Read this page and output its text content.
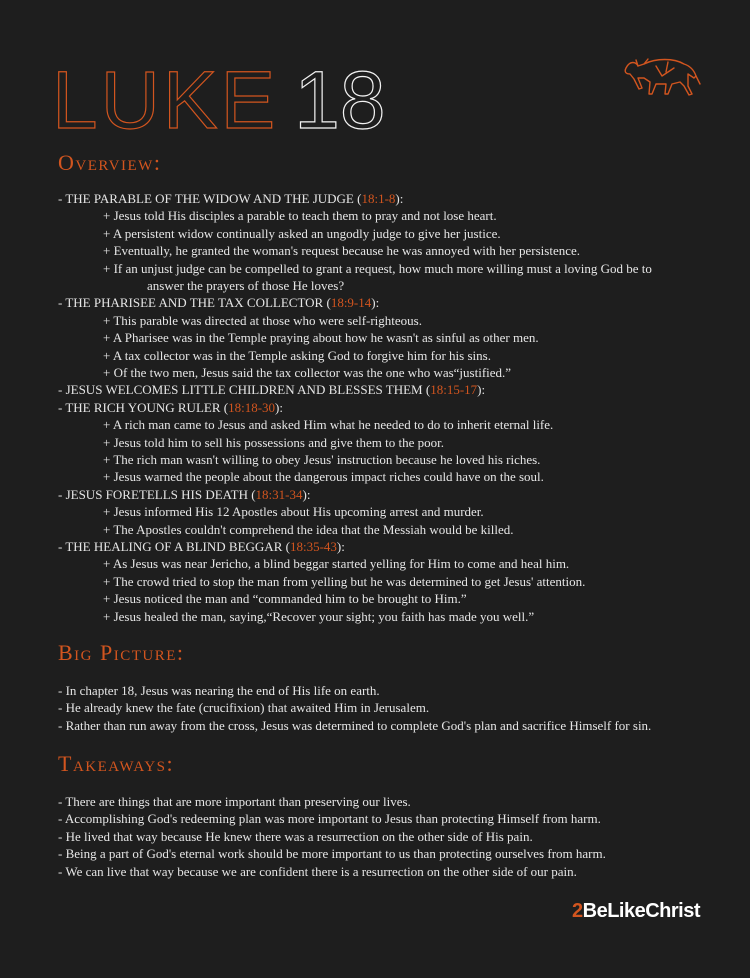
LUKE 18
Overview:
- THE PARABLE OF THE WIDOW AND THE JUDGE (18:1-8):
+ Jesus told His disciples a parable to teach them to pray and not lose heart.
+ A persistent widow continually asked an ungodly judge to give her justice.
+ Eventually, he granted the woman's request because he was annoyed with her persistence.
+ If an unjust judge can be compelled to grant a request, how much more willing must a loving God be to
answer the prayers of those He loves?
- THE PHARISEE AND THE TAX COLLECTOR (18:9-14):
+ This parable was directed at those who were self-righteous.
+ A Pharisee was in the Temple praying about how he wasn't as sinful as other men.
+ A tax collector was in the Temple asking God to forgive him for his sins.
+ Of the two men, Jesus said the tax collector was the one who was“justified.”
- JESUS WELCOMES LITTLE CHILDREN AND BLESSES THEM (18:15-17):
- THE RICH YOUNG RULER (18:18-30):
+ A rich man came to Jesus and asked Him what he needed to do to inherit eternal life.
+ Jesus told him to sell his possessions and give them to the poor.
+ The rich man wasn't willing to obey Jesus' instruction because he loved his riches.
+ Jesus warned the people about the dangerous impact riches could have on the soul.
- JESUS FORETELLS HIS DEATH (18:31-34):
+ Jesus informed His 12 Apostles about His upcoming arrest and murder.
+ The Apostles couldn't comprehend the idea that the Messiah would be killed.
- THE HEALING OF A BLIND BEGGAR (18:35-43):
+ As Jesus was near Jericho, a blind beggar started yelling for Him to come and heal him.
+ The crowd tried to stop the man from yelling but he was determined to get Jesus' attention.
+ Jesus noticed the man and “commanded him to be brought to Him.”
+ Jesus healed the man, saying,“Recover your sight; you faith has made you well.”
Big Picture:
- In chapter 18, Jesus was nearing the end of His life on earth.
- He already knew the fate (crucifixion) that awaited Him in Jerusalem.
- Rather than run away from the cross, Jesus was determined to complete God's plan and sacrifice Himself for sin.
Takeaways:
- There are things that are more important than preserving our lives.
- Accomplishing God's redeeming plan was more important to Jesus than protecting Himself from harm.
- He lived that way because He knew there was a resurrection on the other side of His pain.
- Being a part of God's eternal work should be more important to us than protecting ourselves from harm.
- We can live that way because we are confident there is a resurrection on the other side of our pain.
2BeLikeChrist
